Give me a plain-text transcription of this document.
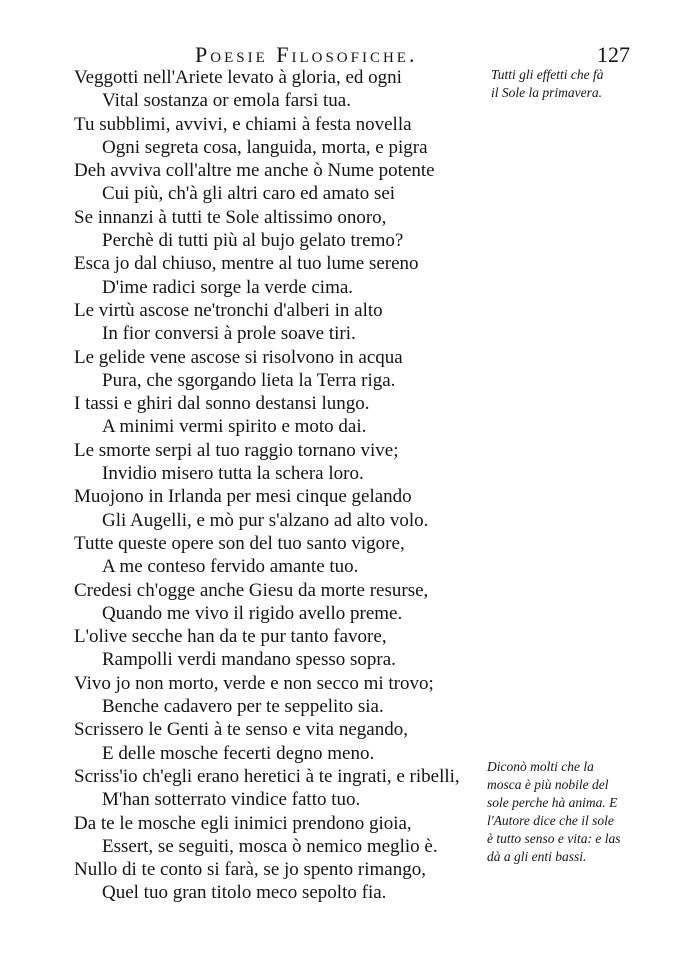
Poesie Filosofiche.	127
Veggotti nell'Ariete levato à gloria, ed ogni
Vital sostanza or emola farsi tua.
Tu subblimi, avvivi, e chiami à festa novella
Ogni segreta cosa, languida, morta, e pigra
Deh avviva coll'altre me anche ò Nume potente
Cui più, ch'à gli altri caro ed amato sei
Se innanzi à tutti te Sole altissimo onoro,
Perchè di tutti più al bujo gelato tremo?
Esca jo dal chiuso, mentre al tuo lume sereno
D'ime radici sorge la verde cima.
Le virtù ascose ne'tronchi d'alberi in alto
In fior conversi à prole soave tiri.
Le gelide vene ascose si risolvono in acqua
Pura, che sgorgando lieta la Terra riga.
I tassi e ghiri dal sonno destansi lungo.
A minimi vermi spirito e moto dai.
Le smorte serpi al tuo raggio tornano vive;
Invidio misero tutta la schera loro.
Muojono in Irlanda per mesi cinque gelando
Gli Augelli, e mò pur s'alzano ad alto volo.
Tutte queste opere son del tuo santo vigore,
A me conteso fervido amante tuo.
Credesi ch'ogge anche Giesu da morte resurse,
Quando me vivo il rigido avello preme.
L'olive secche han da te pur tanto favore,
Rampolli verdi mandano spesso sopra.
Vivo jo non morto, verde e non secco mi trovo;
Benche cadavero per te seppelito sia.
Scrissero le Genti à te senso e vita negando,
E delle mosche fecerti degno meno.
Scriss'io ch'egli erano heretici à te ingrati, e ribelli,
M'han sotterrato vindice fatto tuo.
Da te le mosche egli inimici prendono gioia,
Essert, se seguiti, mosca ò nemico meglio è.
Nullo di te conto si farà, se jo spento rimango,
Quel tuo gran titolo meco sepolto fia.
Tutti gli effetti che fà
il Sole la primavera.
Diconò molti che la
mosca è più nobile del
sole perche hà anima. E
l'Autore dice che il sole
è tutto senso e vita: e las
dà a gli enti bassi.
